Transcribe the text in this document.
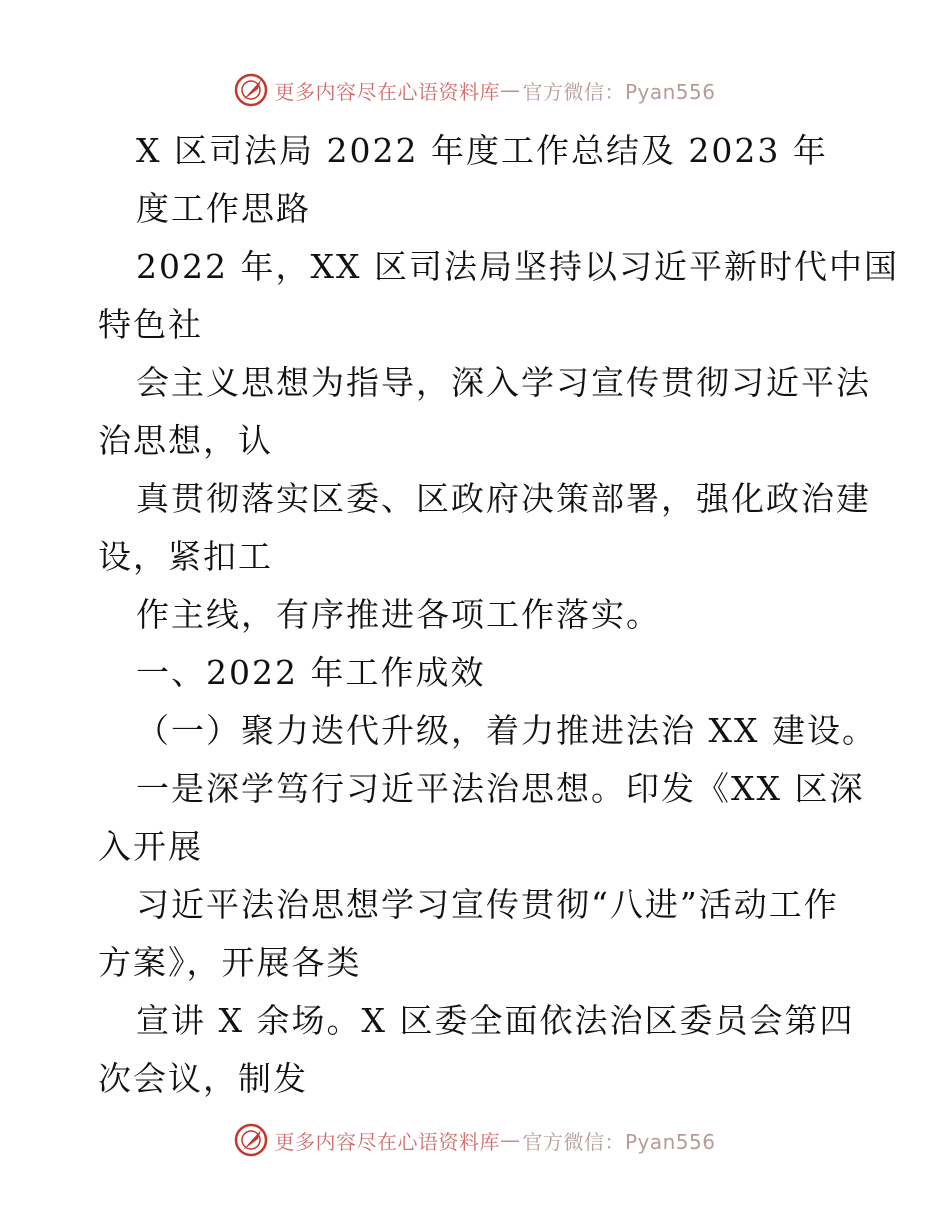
更多内容尽在心语资料库 — 官方微信：Pyan556
X 区司法局 2022 年度工作总结及 2023 年
度工作思路
2022 年，XX 区司法局坚持以习近平新时代中国
特色社
会主义思想为指导，深入学习宣传贯彻习近平法
治思想，认
真贯彻落实区委、区政府决策部署，强化政治建
设，紧扣工
作主线，有序推进各项工作落实。
一、2022 年工作成效
（一）聚力迭代升级，着力推进法治 XX 建设。
一是深学笃行习近平法治思想。印发《XX 区深
入开展
习近平法治思想学习宣传贯彻“八进”活动工作
方案》，开展各类
宣讲 X 余场。X 区委全面依法治区委员会第四
次会议，制发
更多内容尽在心语资料库 — 官方微信：Pyan556
